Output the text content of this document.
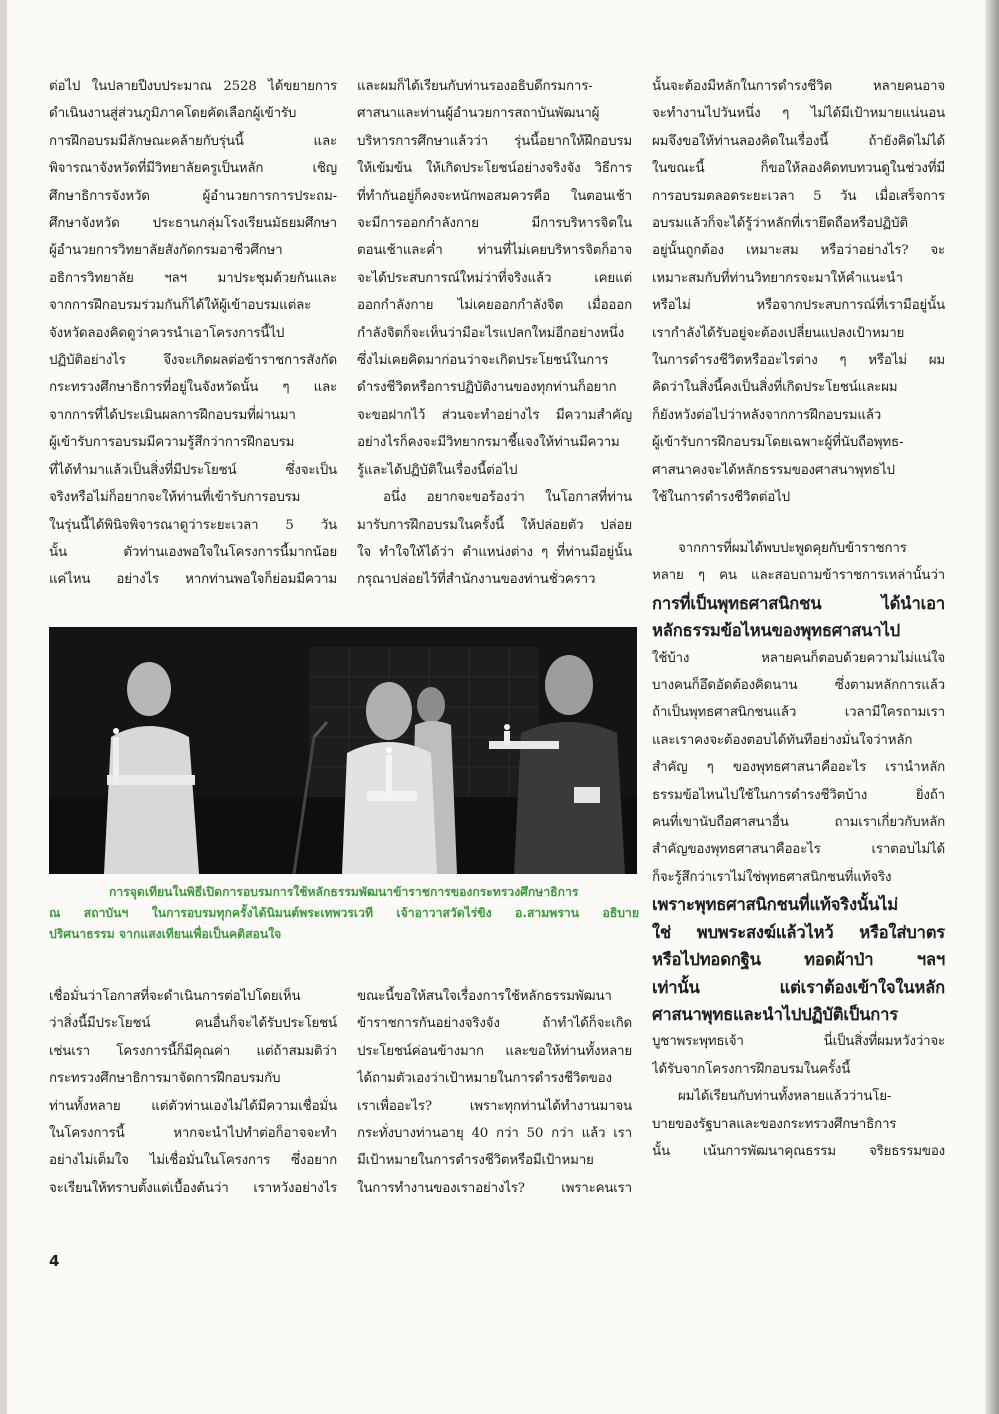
ต่อไป ในปลายปีงบประมาณ 2528 ได้ขยายการ
ดำเนินงานสู่ส่วนภูมิภาคโดยคัดเลือกผู้เข้ารับ
การฝึกอบรมมีลักษณะคล้ายกับรุ่นนี้ และ
พิจารณาจังหวัดที่มีวิทยาลัยครูเป็นหลัก เชิญ
ศึกษาธิการจังหวัด ผู้อำนวยการการประถม-
ศึกษาจังหวัด ประธานกลุ่มโรงเรียนมัธยมศึกษา
ผู้อำนวยการวิทยาลัยสังกัดกรมอาชีวศึกษา
อธิการวิทยาลัย ฯลฯ มาประชุมด้วยกันและ
จากการฝึกอบรมร่วมกันก็ได้ให้ผู้เข้าอบรมแต่ละ
จังหวัดลองคิดดูว่าควรนำเอาโครงการนี้ไป
ปฏิบัติอย่างไร จึงจะเกิดผลต่อข้าราชการสังกัด
กระทรวงศึกษาธิการที่อยู่ในจังหวัดนั้น ๆ และ
จากการที่ได้ประเมินผลการฝึกอบรมที่ผ่านมา
ผู้เข้ารับการอบรมมีความรู้สึกว่าการฝึกอบรม
ที่ได้ทำมาแล้วเป็นสิ่งที่มีประโยชน์ ซึ่งจะเป็น
จริงหรือไม่ก็อยากจะให้ท่านที่เข้ารับการอบรม
ในรุ่นนี้ได้พินิจพิจารณาดูว่าระยะเวลา 5 วัน
นั้น ตัวท่านเองพอใจในโครงการนี้มากน้อย
แค่ไหน อย่างไร หากท่านพอใจก็ย่อมมีความ
และผมก็ได้เรียนกับท่านรองอธิบดีกรมการ-
ศาสนาและท่านผู้อำนวยการสถาบันพัฒนาผู้
บริหารการศึกษาแล้วว่า รุ่นนี้อยากให้ฝึกอบรม
ให้เข้มข้น ให้เกิดประโยชน์อย่างจริงจัง วิธีการ
ที่ทำกันอยู่ก็คงจะหนักพอสมควรคือ ในตอนเช้า
จะมีการออกกำลังกาย มีการบริหารจิตใน
ตอนเช้าและค่ำ ท่านที่ไม่เคยบริหารจิตก็อาจ
จะได้ประสบการณ์ใหม่ว่าที่จริงแล้ว เคยแต่
ออกกำลังกาย ไม่เคยออกกำลังจิต เมื่อออก
กำลังจิตก็จะเห็นว่ามีอะไรแปลกใหม่อีกอย่างหนึ่ง
ซึ่งไม่เคยคิดมาก่อนว่าจะเกิดประโยชน์ในการ
ดำรงชีวิตหรือการปฏิบัติงานของทุกท่านก็อยาก
จะขอฝากไว้ ส่วนจะทำอย่างไร มีความสำคัญ
อย่างไรก็คงจะมีวิทยากรมาชี้แจงให้ท่านมีความ
รู้และได้ปฏิบัติในเรื่องนี้ต่อไป
อนึ่ง อยากจะขอร้องว่า ในโอกาสที่ท่าน
มารับการฝึกอบรมในครั้งนี้ ให้ปล่อยตัว ปล่อย
ใจ ทำใจให้ได้ว่า ตำแหน่งต่าง ๆ ที่ท่านมีอยู่นั้น
กรุณาปล่อยไว้ที่สำนักงานของท่านชั่วคราว
นั้นจะต้องมีหลักในการดำรงชีวิต หลายคนอาจ
จะทำงานไปวันหนึ่ง ๆ ไม่ได้มีเป้าหมายแน่นอน
ผมจึงขอให้ท่านลองคิดในเรื่องนี้ ถ้ายังคิดไม่ได้
ในขณะนี้ ก็ขอให้ลองคิดทบทวนดูในช่วงที่มี
การอบรมตลอดระยะเวลา 5 วัน เมื่อเสร็จการ
อบรมแล้วก็จะได้รู้ว่าหลักที่เรายึดถือหรือปฏิบัติ
อยู่นั้นถูกต้อง เหมาะสม หรือว่าอย่างไร? จะ
เหมาะสมกับที่ท่านวิทยากรจะมาให้คำแนะนำ
หรือไม่ หรือจากประสบการณ์ที่เรามีอยู่นั้น
เรากำลังได้รับอยู่จะต้องเปลี่ยนแปลงเป้าหมาย
ในการดำรงชีวิตหรืออะไรต่าง ๆ หรือไม่ ผม
คิดว่าในสิ่งนี้คงเป็นสิ่งที่เกิดประโยชน์และผม
ก็ยังหวังต่อไปว่าหลังจากการฝึกอบรมแล้ว
ผู้เข้ารับการฝึกอบรมโดยเฉพาะผู้ที่นับถือพุทธ-
ศาสนาคงจะได้หลักธรรมของศาสนาพุทธไป
ใช้ในการดำรงชีวิตต่อไป
จากการที่ผมได้พบปะพูดคุยกับข้าราชการ
หลาย ๆ คน และสอบถามข้าราชการเหล่านั้นว่า
การที่เป็นพุทธศาสนิกชน ได้นำเอา
หลักธรรมข้อไหนของพุทธศาสนาไป
ใช้บ้าง หลายคนก็ตอบด้วยความไม่แน่ใจ
บางคนก็อึดอัดต้องคิดนาน ซึ่งตามหลักการแล้ว
ถ้าเป็นพุทธศาสนิกชนแล้ว เวลามีใครถามเรา
และเราคงจะต้องตอบได้ทันทีอย่างมั่นใจว่าหลัก
สำคัญ ๆ ของพุทธศาสนาคืออะไร เรานำหลัก
ธรรมข้อไหนไปใช้ในการดำรงชีวิตบ้าง ยิ่งถ้า
คนที่เขานับถือศาสนาอื่น ถามเราเกี่ยวกับหลัก
สำคัญของพุทธศาสนาคืออะไร เราตอบไม่ได้
ก็จะรู้สึกว่าเราไม่ใช่พุทธศาสนิกชนที่แท้จริง
เพราะพุทธศาสนิกชนที่แท้จริงนั้นไม่
ใช่ พบพระสงฆ์แล้วไหว้ หรือใส่บาตร
หรือไปทอดกฐิน ทอดผ้าป่า ฯลฯ
เท่านั้น แต่เราต้องเข้าใจในหลัก
ศาสนาพุทธและนำไปปฏิบัติเป็นการ
บูชาพระพุทธเจ้า นี่เป็นสิ่งที่ผมหวังว่าจะ
ได้รับจากโครงการฝึกอบรมในครั้งนี้
ผมได้เรียนกับท่านทั้งหลายแล้วว่านโย-
บายของรัฐบาลและของกระทรวงศึกษาธิการ
นั้น เน้นการพัฒนาคุณธรรม จริยธรรมของ
การจุดเทียนในพิธีเปิดการอบรมการใช้หลักธรรมพัฒนาข้าราชการของกระทรวงศึกษาธิการ
ณ สถาบันฯ ในการอบรมทุกครั้งได้นิมนต์พระเทพวรเวที เจ้าอาวาสวัดไร่ขิง อ.สามพราน อธิบาย
ปริศนาธรรม จากแสงเทียนเพื่อเป็นคติสอนใจ
เชื่อมั่นว่าโอกาสที่จะดำเนินการต่อไปโดยเห็น
ว่าสิ่งนี้มีประโยชน์ คนอื่นก็จะได้รับประโยชน์
เช่นเรา โครงการนี้ก็มีคุณค่า แต่ถ้าสมมติว่า
กระทรวงศึกษาธิการมาจัดการฝึกอบรมกับ
ท่านทั้งหลาย แต่ตัวท่านเองไม่ได้มีความเชื่อมั่น
ในโครงการนี้ หากจะนำไปทำต่อก็อาจจะทำ
อย่างไม่เต็มใจ ไม่เชื่อมั่นในโครงการ ซึ่งอยาก
จะเรียนให้ทราบตั้งแต่เบื้องต้นว่า เราหวังอย่างไร
ขณะนี้ขอให้สนใจเรื่องการใช้หลักธรรมพัฒนา
ข้าราชการกันอย่างจริงจัง ถ้าทำได้ก็จะเกิด
ประโยชน์ค่อนข้างมาก และขอให้ท่านทั้งหลาย
ได้ถามตัวเองว่าเป้าหมายในการดำรงชีวิตของ
เราเพื่ออะไร? เพราะทุกท่านได้ทำงานมาจน
กระทั่งบางท่านอายุ 40 กว่า 50 กว่า แล้ว เรา
มีเป้าหมายในการดำรงชีวิตหรือมีเป้าหมาย
ในการทำงานของเราอย่างไร? เพราะคนเรา
4
